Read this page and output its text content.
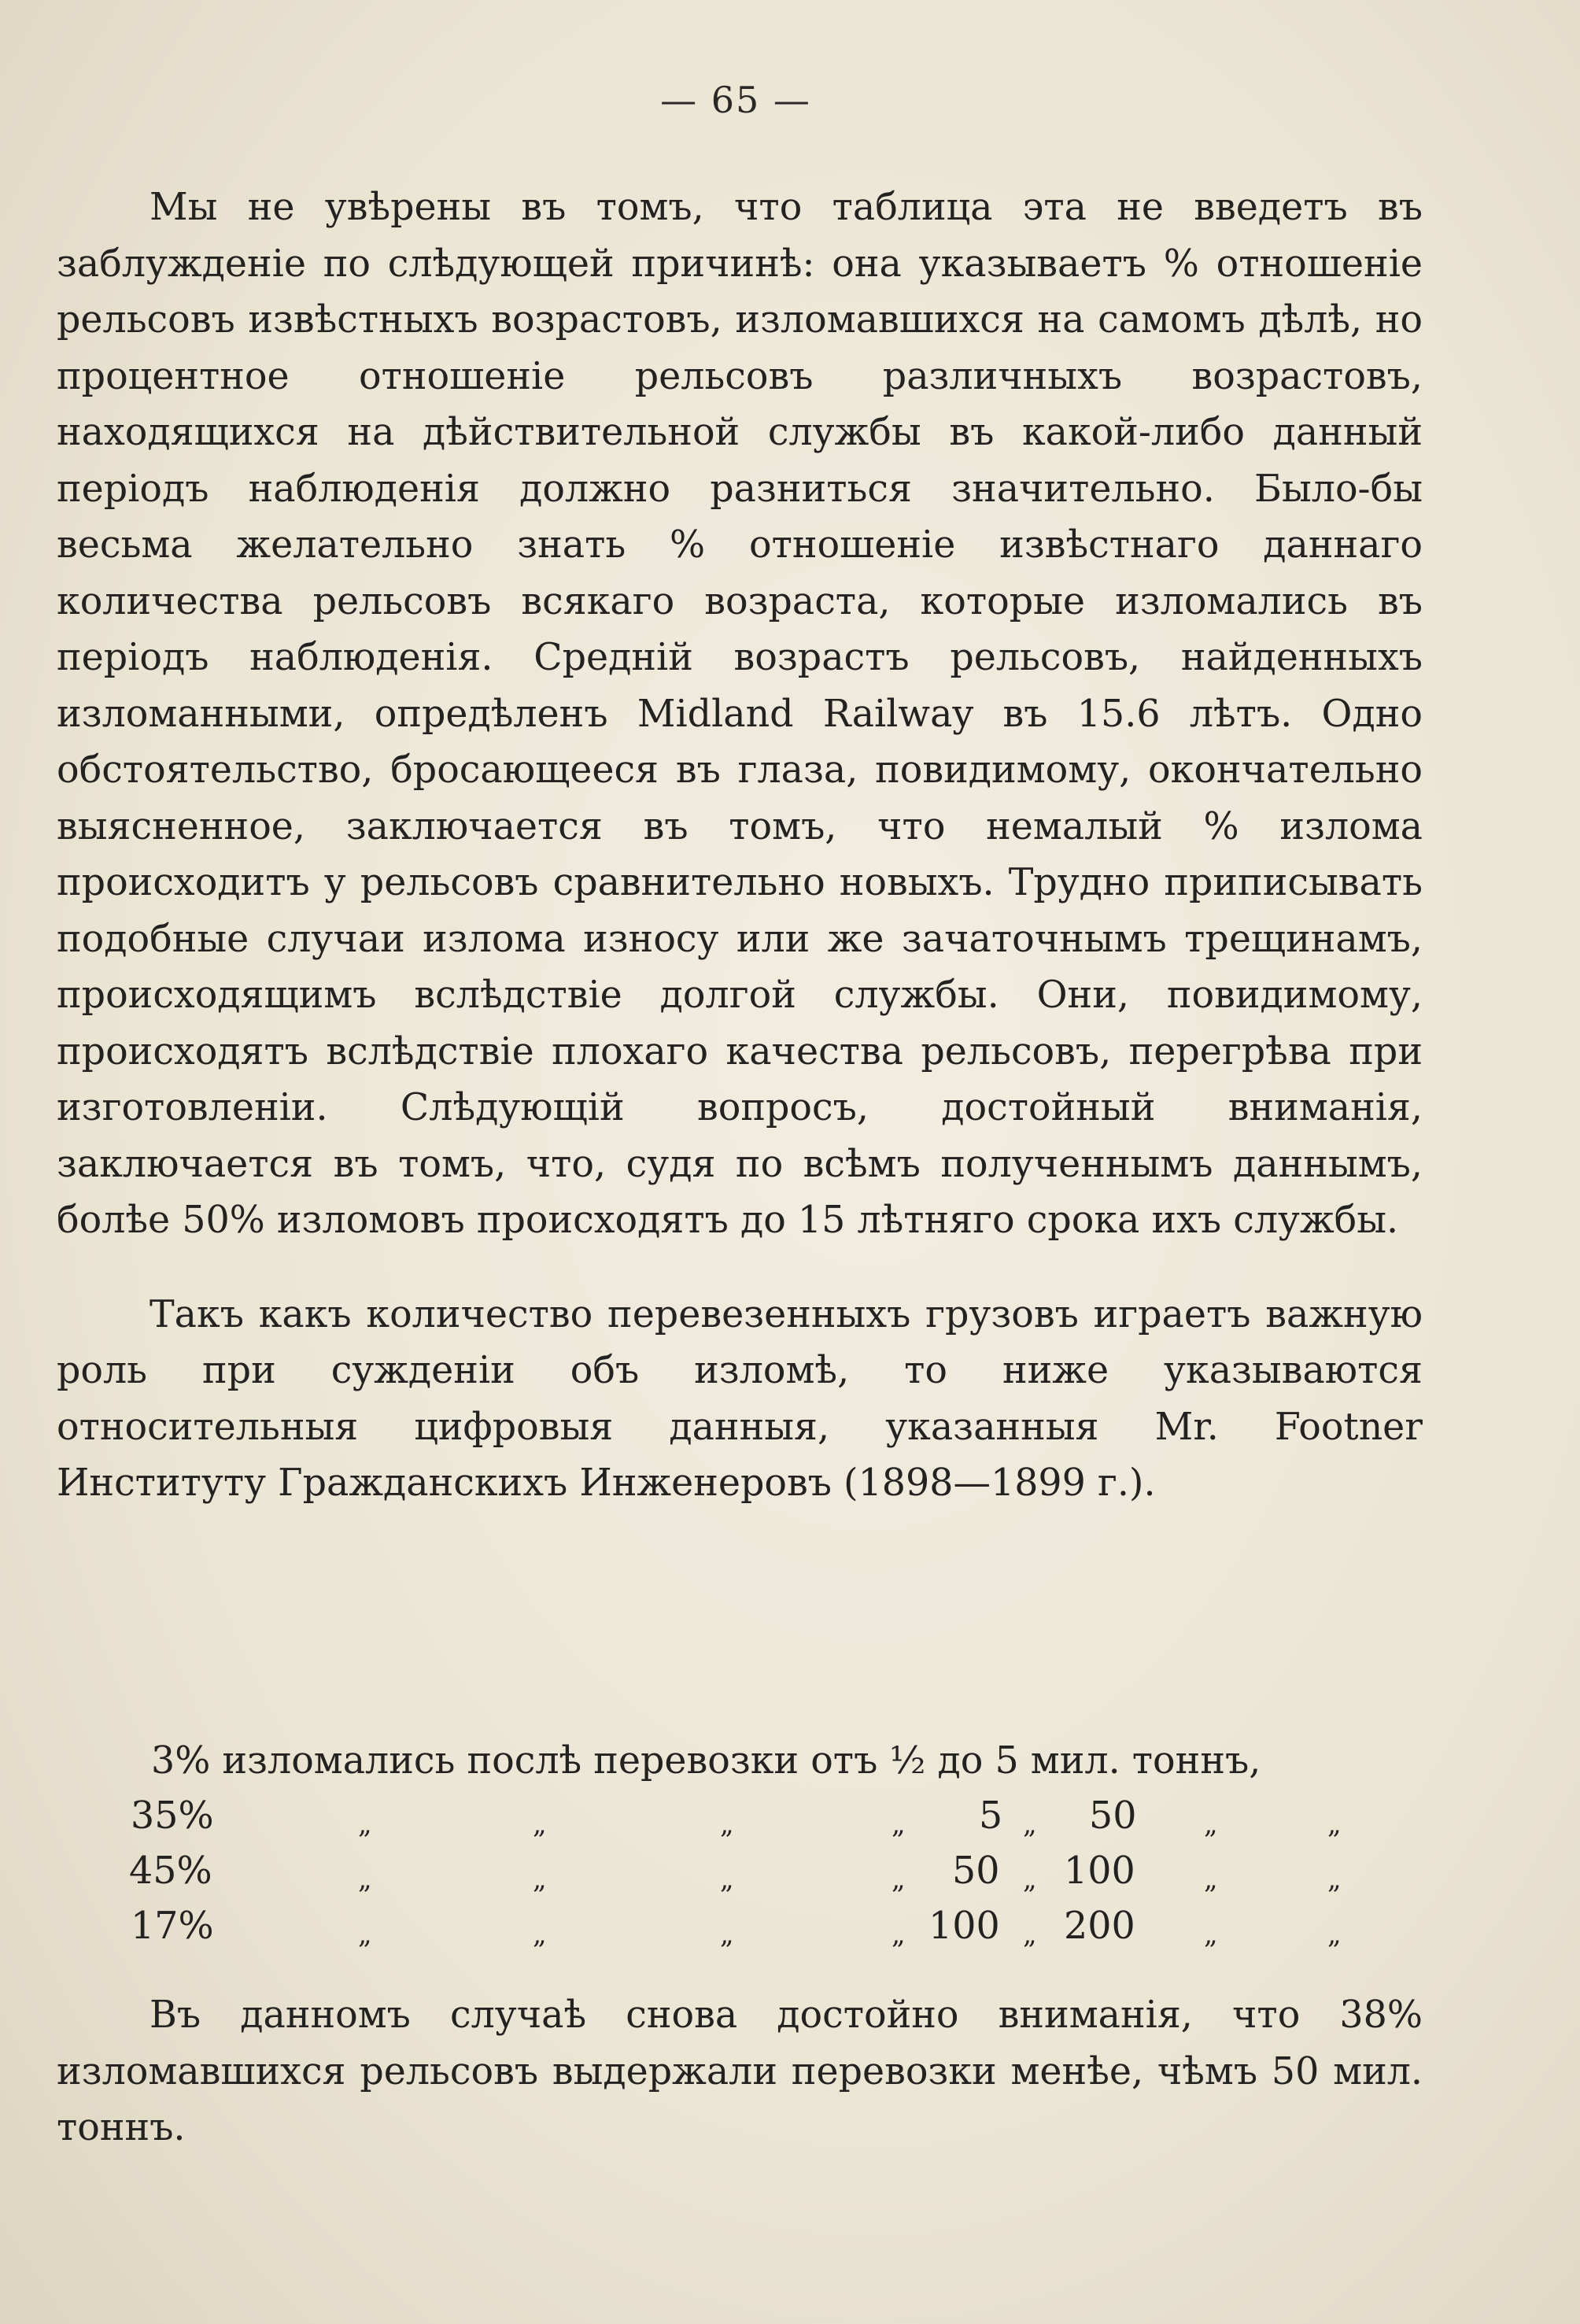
— 65 —

Мы не увѣрены въ томъ, что таблица эта не введетъ въ заблужденіе по слѣдующей причинѣ: она указываетъ % отношеніе рельсовъ извѣстныхъ возрастовъ, изломавшихся на самомъ дѣлѣ, но процентное отношеніе рельсовъ различныхъ возрастовъ, находящихся на дѣйствительной службы въ какой-либо данный періодъ наблюденія должно разниться значительно. Было-бы весьма желательно знать % отношеніе извѣстнаго даннаго количества рельсовъ всякаго возраста, которые изломались въ періодъ наблюденія. Средній возрастъ рельсовъ, найденныхъ изломанными, опредѣленъ Midland Railway въ 15.6 лѣтъ. Одно обстоятельство, бросающееся въ глаза, повидимому, окончательно выясненное, заключается въ томъ, что немалый % излома происходитъ у рельсовъ сравнительно новыхъ. Трудно приписывать подобные случаи излома износу или же зачаточнымъ трещинамъ, происходящимъ вслѣдствіе долгой службы. Они, повидимому, происходятъ вслѣдствіе плохаго качества рельсовъ, перегрѣва при изготовленіи. Слѣдующій вопросъ, достойный вниманія, заключается въ томъ, что, судя по всѣмъ полученнымъ даннымъ, болѣе 50% изломовъ происходятъ до 15 лѣтняго срока ихъ службы.

Такъ какъ количество перевезенныхъ грузовъ играетъ важную роль при сужденіи объ изломѣ, то ниже указываются относительныя цифровыя данныя, указанныя Mr. Footner Институту Гражданскихъ Инженеровъ (1898—1899 г.).

3% изломались послѣ перевозки отъ ½ до 5 мил. тоннъ,
35%	„	„	„	„ 5 „ 50	„	„
45%	„	„	„	„ 50 „ 100	„	„
17%	„	„	„	„ 100 „ 200	„	„

Въ данномъ случаѣ снова достойно вниманія, что 38% изломавшихся рельсовъ выдержали перевозки менѣе, чѣмъ 50 мил. тоннъ.
